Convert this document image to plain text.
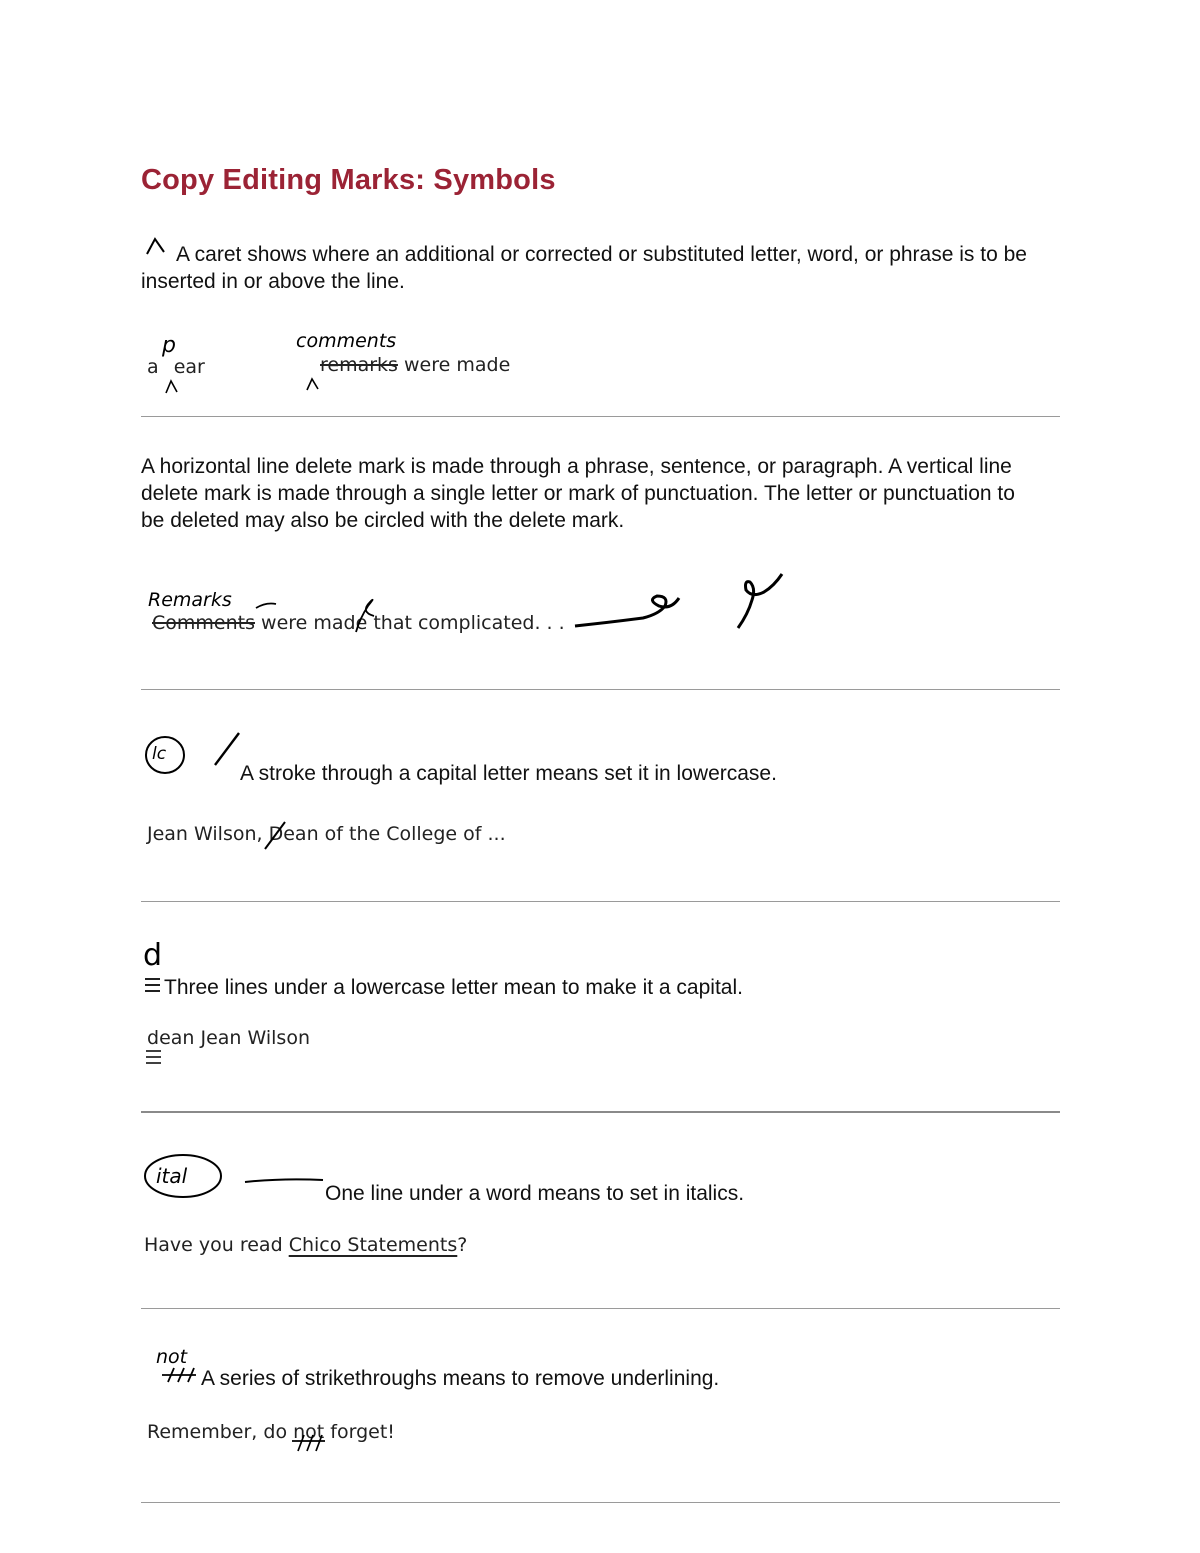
Copy Editing Marks: Symbols
A caret shows where an additional or corrected or substituted letter, word, or phrase is to be inserted in or above the line.
a ear
p	comments
remarks were made
A horizontal line delete mark is made through a phrase, sentence, or paragraph. A vertical line delete mark is made through a single letter or mark of punctuation. The letter or punctuation to be deleted may also be circled with the delete mark.
Remarks
Comments were made that complicated. . .
lc
A stroke through a capital letter means set it in lowercase.
Jean Wilson, D
ean of the College of ...
d
Three lines under a lowercase letter mean to make it a capital.
d
ean Jean Wilson
ital
One line under a word means to set in italics.
Have you read Chico Statements?
not
A series of strikethroughs means to remove underlining.
Remember, do not
forget!
